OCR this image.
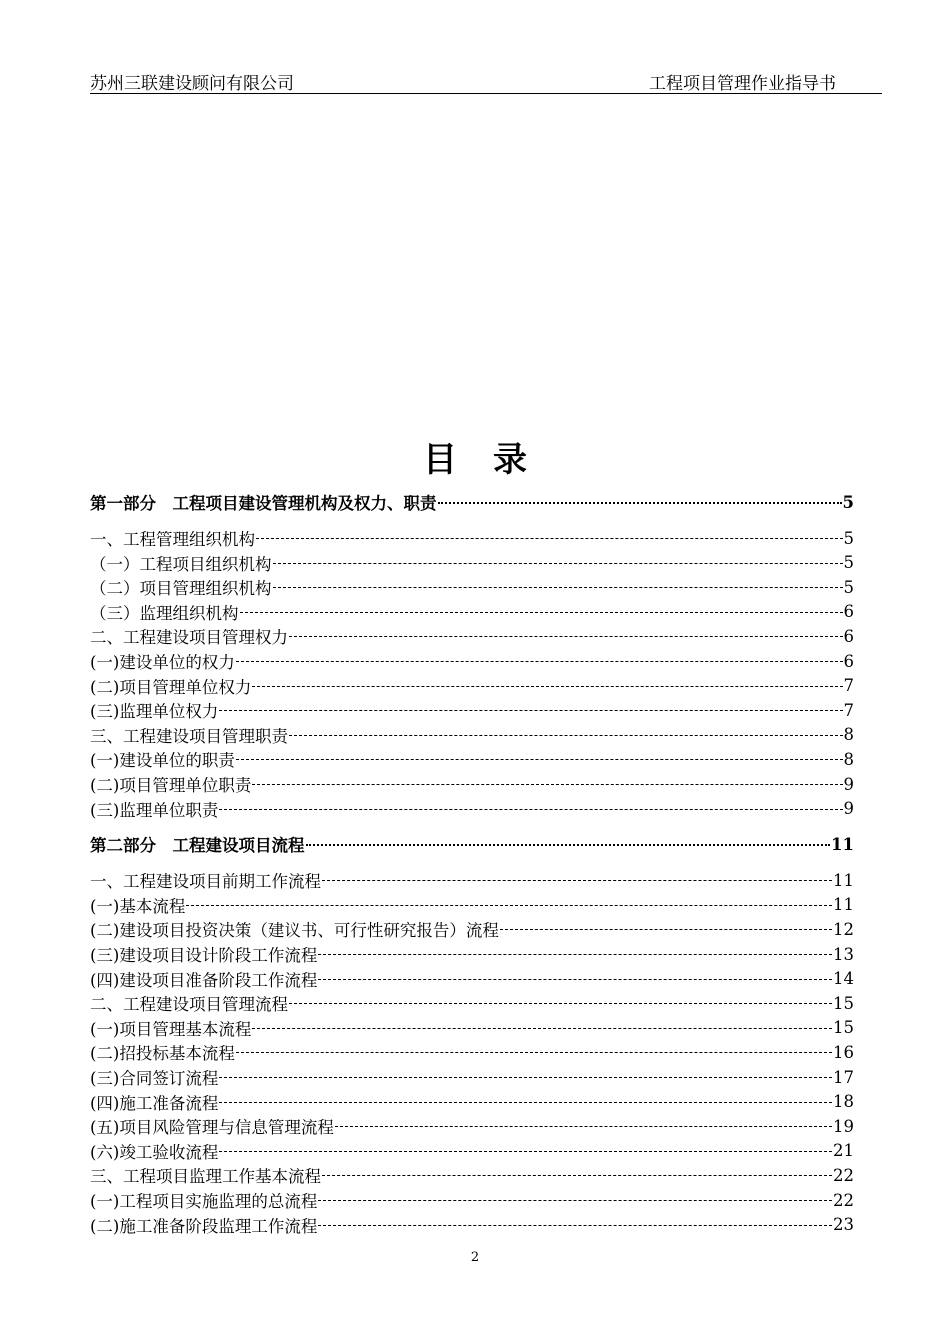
苏州三联建设顾问有限公司	工程项目管理作业指导书
目录
第一部分　工程项目建设管理机构及权力、职责	5
一、工程管理组织机构	5
（一）工程项目组织机构	5
（二）项目管理组织机构	5
（三）监理组织机构	6
二、工程建设项目管理权力	6
(一)建设单位的权力	6
(二)项目管理单位权力	7
(三)监理单位权力	7
三、工程建设项目管理职责	8
(一)建设单位的职责	8
(二)项目管理单位职责	9
(三)监理单位职责	9
第二部分　工程建设项目流程	11
一、工程建设项目前期工作流程	11
(一)基本流程	11
(二)建设项目投资决策（建议书、可行性研究报告）流程	12
(三)建设项目设计阶段工作流程	13
(四)建设项目准备阶段工作流程	14
二、工程建设项目管理流程	15
(一)项目管理基本流程	15
(二)招投标基本流程	16
(三)合同签订流程	17
(四)施工准备流程	18
(五)项目风险管理与信息管理流程	19
(六)竣工验收流程	21
三、工程项目监理工作基本流程	22
(一)工程项目实施监理的总流程	22
(二)施工准备阶段监理工作流程	23
2
